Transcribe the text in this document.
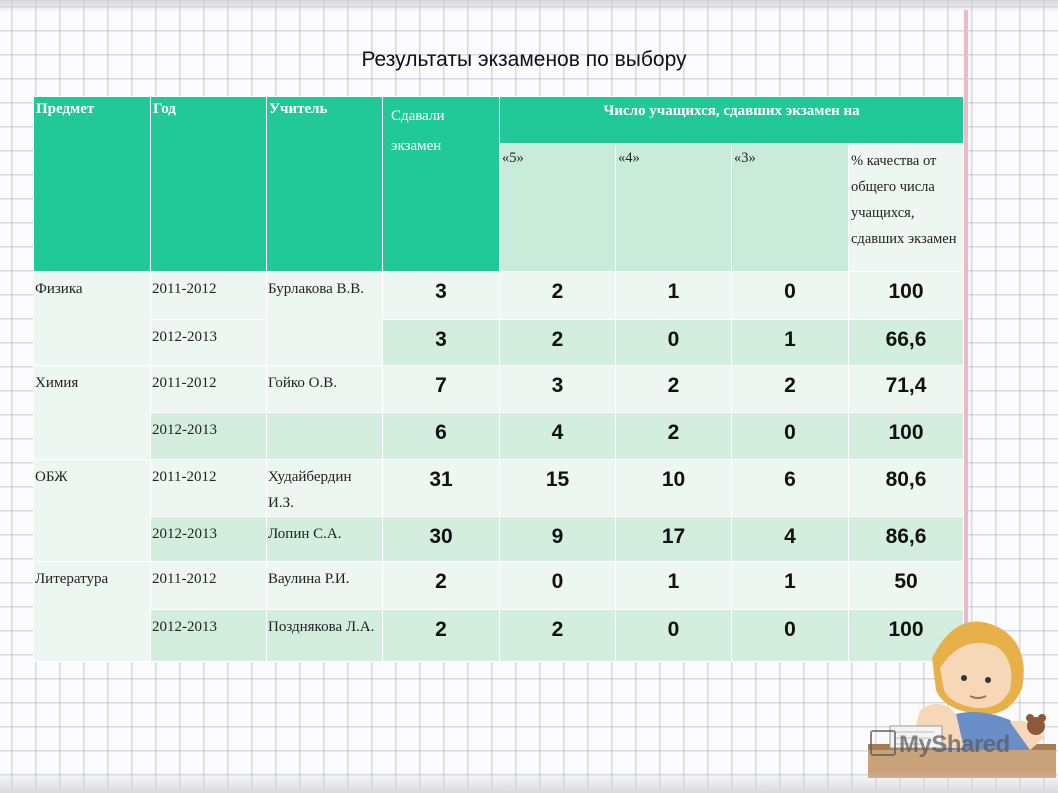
Результаты экзаменов по выбору
Предмет	Год	Учитель	Сдавали экзамен	Число учащихся, сдавших экзамен на			
				«5»	«4»	«3»	% качества от общего числа учащихся, сдавших экзамен
Физика	2011-2012	Бурлакова В.В.	3	2	1	0	100
	2012-2013		3	2	0	1	66,6
Химия	2011-2012	Гойко О.В.	7	3	2	2	71,4
	2012-2013		6	4	2	0	100
ОБЖ	2011-2012	Худайбердин И.З.	31	15	10	6	80,6
	2012-2013	Лопин С.А.	30	9	17	4	86,6
Литература	2011-2012	Ваулина Р.И.	2	0	1	1	50
	2012-2013	Позднякова Л.А.	2	2	0	0	100
MyShared
